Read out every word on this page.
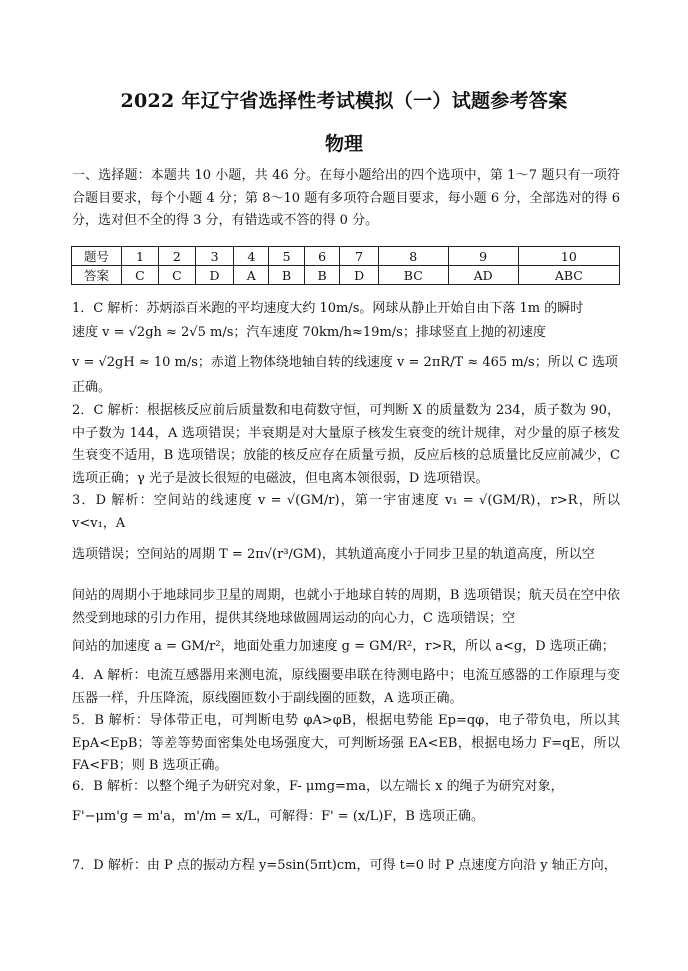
2022 年辽宁省选择性考试模拟（一）试题参考答案
物理
一、选择题：本题共 10 小题，共 46 分。在每小题给出的四个选项中，第 1～7 题只有一项符合题目要求，每个小题 4 分；第 8～10 题有多项符合题目要求，每小题 6 分，全部选对的得 6 分，选对但不全的得 3 分，有错选或不答的得 0 分。
题号	1	2	3	4	5	6	7	8	9	10
答案	C	C	D	A	B	B	D	BC	AD	ABC
1．C 解析：苏炳添百米跑的平均速度大约 10m/s。网球从静止开始自由下落 1m 的瞬时
速度 v = √2gh ≈ 2√5 m/s；汽车速度 70km/h≈19m/s；排球竖直上抛的初速度
v = √2gH ≈ 10 m/s；赤道上物体绕地轴自转的线速度 v = 2πR/T ≈ 465 m/s；所以 C 选项
正确。
2．C 解析：根据核反应前后质量数和电荷数守恒，可判断 X 的质量数为 234，质子数为 90，中子数为 144，A 选项错误；半衰期是对大量原子核发生衰变的统计规律，对少量的原子核发生衰变不适用，B 选项错误；放能的核反应存在质量亏损，反应后核的总质量比反应前减少，C 选项正确；γ 光子是波长很短的电磁波，但电离本领很弱，D 选项错误。
3．D 解析：空间站的线速度 v = √(GM/r)，第一宇宙速度 v₁ = √(GM/R)，r>R，所以 v<v₁，A
选项错误；空间站的周期 T = 2π√(r³/GM)，其轨道高度小于同步卫星的轨道高度，所以空
间站的周期小于地球同步卫星的周期，也就小于地球自转的周期，B 选项错误；航天员在空中依然受到地球的引力作用，提供其绕地球做圆周运动的向心力，C 选项错误；空
间站的加速度 a = GM/r²，地面处重力加速度 g = GM/R²，r>R，所以 a<g，D 选项正确；
4．A 解析：电流互感器用来测电流，原线圈要串联在待测电路中；电流互感器的工作原理与变压器一样，升压降流，原线圈匝数小于副线圈的匝数，A 选项正确。
5．B 解析：导体带正电，可判断电势 φA>φB，根据电势能 Ep=qφ，电子带负电，所以其 EpA<EpB；等差等势面密集处电场强度大，可判断场强 EA<EB，根据电场力 F=qE，所以 FA<FB；则 B 选项正确。
6．B 解析：以整个绳子为研究对象，F- μmg=ma，以左端长 x 的绳子为研究对象，
F'−μm'g = m'a，m'/m = x/L，可解得：F' = (x/L)F，B 选项正确。
7．D 解析：由 P 点的振动方程 y=5sin(5πt)cm，可得 t=0 时 P 点速度方向沿 y 轴正方向，
